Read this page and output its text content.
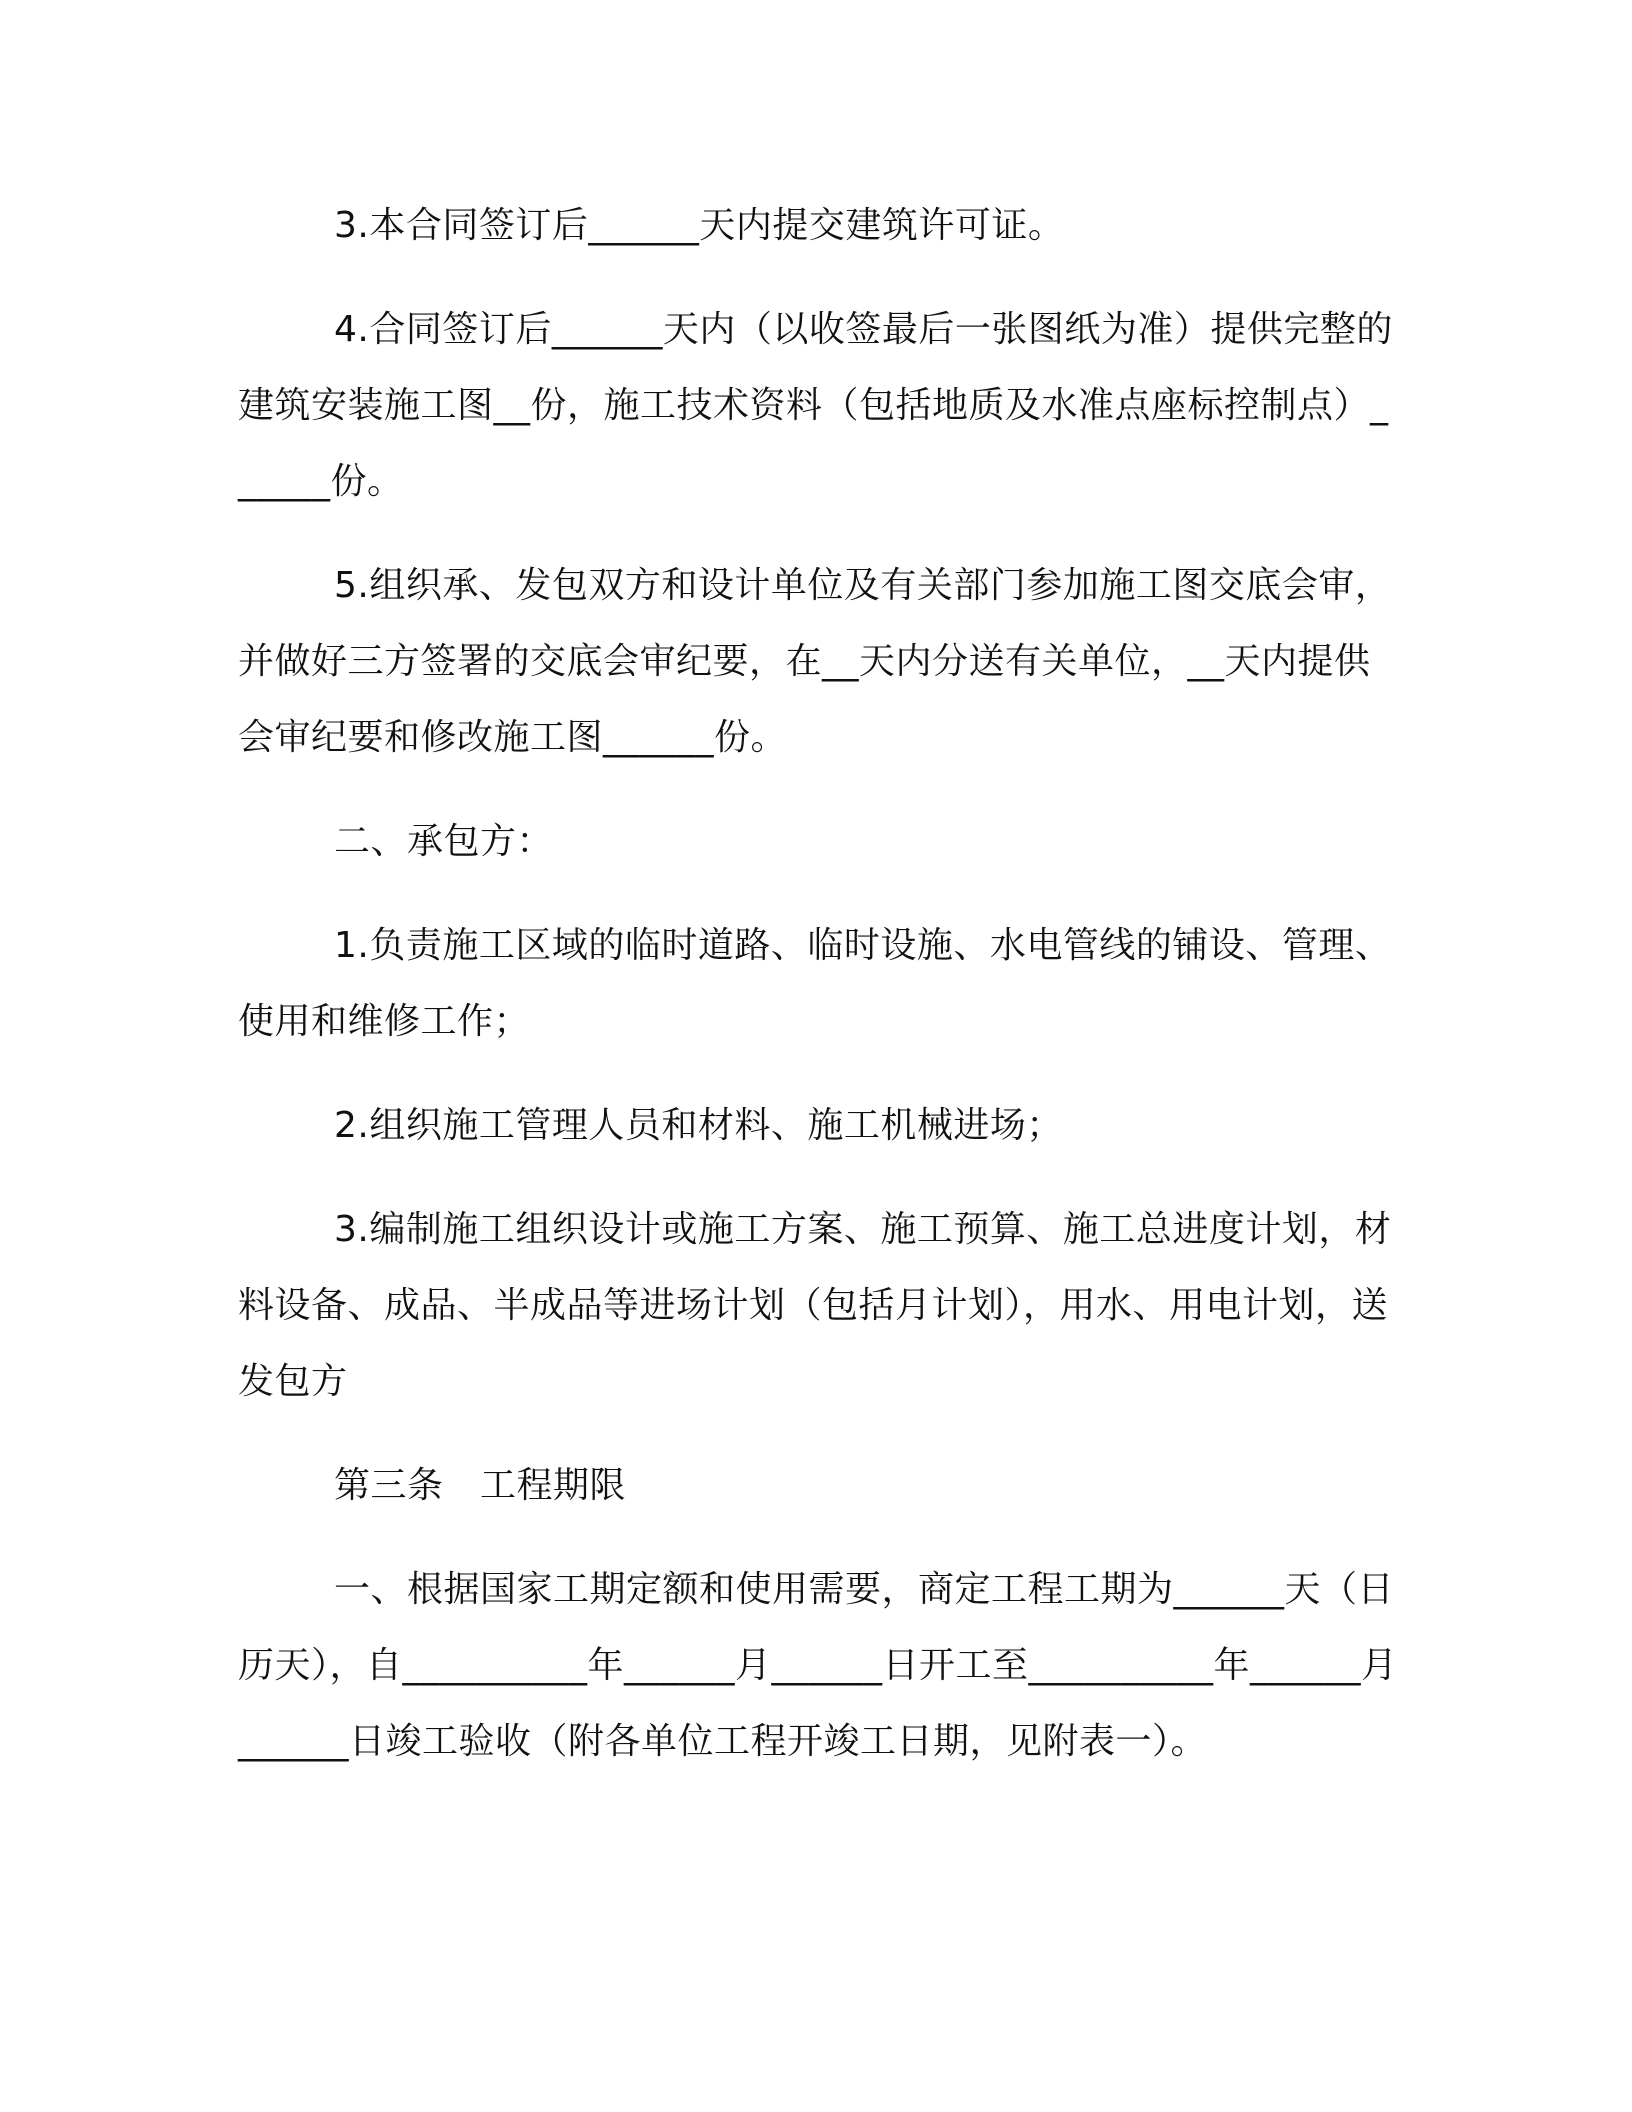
3.本合同签订后______天内提交建筑许可证。

4.合同签订后______天内（以收签最后一张图纸为准）提供完整的建筑安装施工图__份，施工技术资料（包括地质及水准点座标控制点）______份。

5.组织承、发包双方和设计单位及有关部门参加施工图交底会审，并做好三方签署的交底会审纪要，在__天内分送有关单位，__天内提供会审纪要和修改施工图______份。

二、承包方：

1.负责施工区域的临时道路、临时设施、水电管线的铺设、管理、使用和维修工作；

2.组织施工管理人员和材料、施工机械进场；

3.编制施工组织设计或施工方案、施工预算、施工总进度计划，材料设备、成品、半成品等进场计划（包括月计划），用水、用电计划，送发包方

第三条　工程期限

一、根据国家工期定额和使用需要，商定工程工期为______天（日历天），自__________年______月______日开工至__________年______月______日竣工验收（附各单位工程开竣工日期，见附表一）。
